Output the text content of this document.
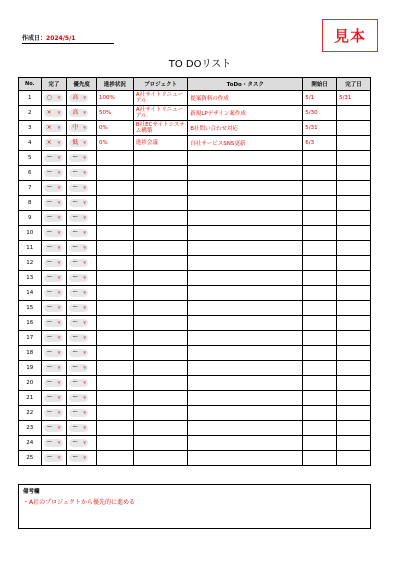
作成日：2024/5/1	見本
TO DOリスト
No.	完了	優先度	進捗状況	プロジェクト	ToDo・タスク	開始日	完了日
1	○ ▼	高 ▼	100%	A社サイトリニューアル	提案資料の作成	5/1	5/31
2	× ▼	高 ▼	50%	A社サイトリニューアル	新規LPデザイン案作成	5/30	
3	× ▼	中 ▼	0%	B社ECサイトシステム構築	B社問い合わせ対応	5/31	
4	× ▼	低 ▼	0%	進捗会議	自社サービスSNS更新	6/3	
5	ー ▼	ー ▼					

6	ー ▼	ー ▼					

7	ー ▼	ー ▼					

8	ー ▼	ー ▼					

9	ー ▼	ー ▼					

10	ー ▼	ー ▼					

11	ー ▼	ー ▼					

12	ー ▼	ー ▼					

13	ー ▼	ー ▼					

14	ー ▼	ー ▼					

15	ー ▼	ー ▼					

16	ー ▼	ー ▼					

17	ー ▼	ー ▼					

18	ー ▼	ー ▼					

19	ー ▼	ー ▼					

20	ー ▼	ー ▼					

21	ー ▼	ー ▼					

22	ー ▼	ー ▼					

23	ー ▼	ー ▼					

24	ー ▼	ー ▼					

25	ー ▼	ー ▼					

備考欄
・A社のプロジェクトから優先的に進める
